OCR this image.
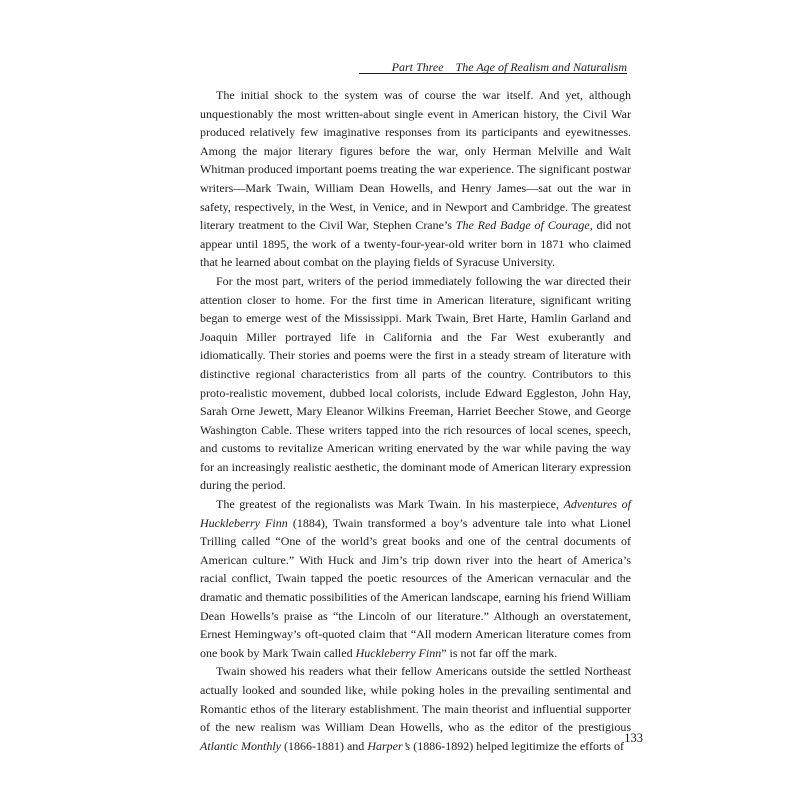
Part Three The Age of Realism and Naturalism

The initial shock to the system was of course the war itself. And yet, although unquestionably the most written-about single event in American history, the Civil War produced relatively few imaginative responses from its participants and eyewitnesses. Among the major literary figures before the war, only Herman Melville and Walt Whitman produced important poems treating the war experience. The significant postwar writers—Mark Twain, William Dean Howells, and Henry James—sat out the war in safety, respectively, in the West, in Venice, and in Newport and Cambridge. The greatest literary treatment to the Civil War, Stephen Crane’s The Red Badge of Courage, did not appear until 1895, the work of a twenty-four-year-old writer born in 1871 who claimed that he learned about combat on the playing fields of Syracuse University.

For the most part, writers of the period immediately following the war directed their attention closer to home. For the first time in American literature, significant writing began to emerge west of the Mississippi. Mark Twain, Bret Harte, Hamlin Garland and Joaquin Miller portrayed life in California and the Far West exuberantly and idiomatically. Their stories and poems were the first in a steady stream of literature with distinctive regional characteristics from all parts of the country. Contributors to this proto-realistic movement, dubbed local colorists, include Edward Eggleston, John Hay, Sarah Orne Jewett, Mary Eleanor Wilkins Freeman, Harriet Beecher Stowe, and George Washington Cable. These writers tapped into the rich resources of local scenes, speech, and customs to revitalize American writing enervated by the war while paving the way for an increasingly realistic aesthetic, the dominant mode of American literary expression during the period.

The greatest of the regionalists was Mark Twain. In his masterpiece, Adventures of Huckleberry Finn (1884), Twain transformed a boy’s adventure tale into what Lionel Trilling called “One of the world’s great books and one of the central documents of American culture.” With Huck and Jim’s trip down river into the heart of America’s racial conflict, Twain tapped the poetic resources of the American vernacular and the dramatic and thematic possibilities of the American landscape, earning his friend William Dean Howells’s praise as “the Lincoln of our literature.” Although an overstatement, Ernest Hemingway’s oft-quoted claim that “All modern American literature comes from one book by Mark Twain called Huckleberry Finn” is not far off the mark.

Twain showed his readers what their fellow Americans outside the settled Northeast actually looked and sounded like, while poking holes in the prevailing sentimental and Romantic ethos of the literary establishment. The main theorist and influential supporter of the new realism was William Dean Howells, who as the editor of the prestigious Atlantic Monthly (1866-1881) and Harper’s (1886-1892) helped legitimize the efforts of

133
